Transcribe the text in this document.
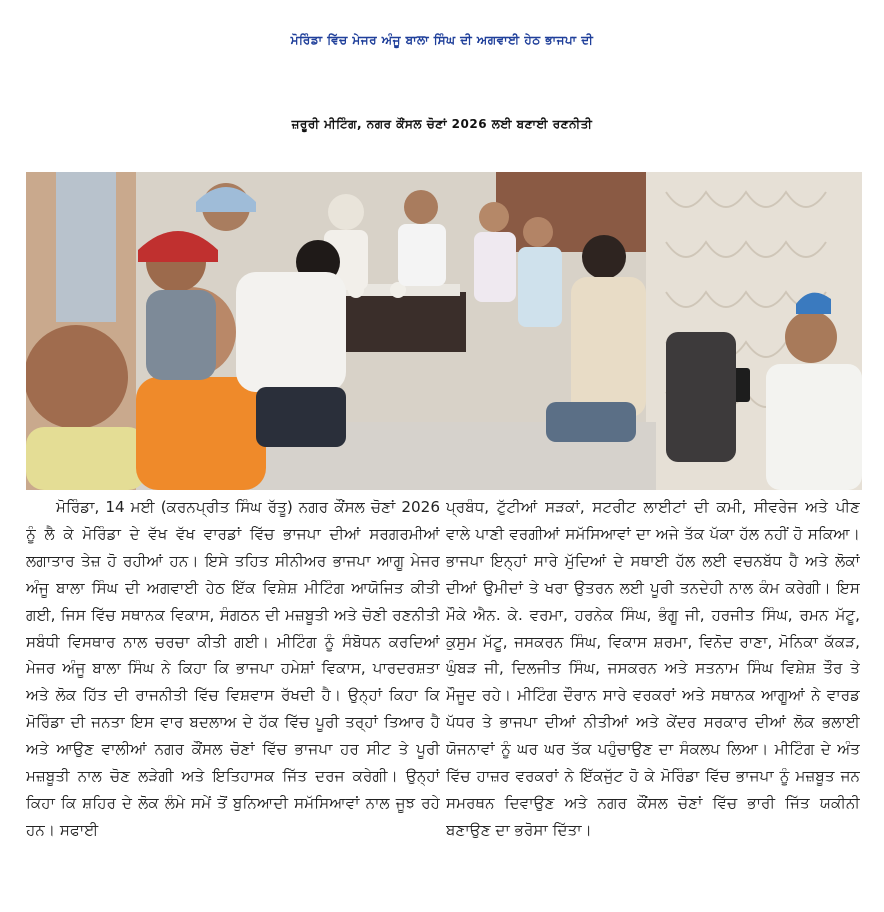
ਮੋਰਿੰਡਾ ਵਿੱਚ ਮੇਜਰ ਅੰਜੂ ਬਾਲਾ ਸਿੰਘ ਦੀ ਅਗਵਾਈ ਹੇਠ ਭਾਜਪਾ ਦੀ
ਜ਼ਰੂਰੀ ਮੀਟਿੰਗ, ਨਗਰ ਕੌਂਸਲ ਚੋਣਾਂ 2026 ਲਈ ਬਣਾਈ ਰਣਨੀਤੀ
ਮੋਰਿੰਡਾ, 14 ਮਈ (ਕਰਨਪ੍ਰੀਤ ਸਿੰਘ ਰੱਤੂ) ਨਗਰ ਕੌਂਸਲ ਚੋਣਾਂ 2026 ਨੂੰ ਲੈ ਕੇ ਮੋਰਿੰਡਾ ਦੇ ਵੱਖ ਵੱਖ ਵਾਰਡਾਂ ਵਿੱਚ ਭਾਜਪਾ ਦੀਆਂ ਸਰਗਰਮੀਆਂ ਲਗਾਤਾਰ ਤੇਜ਼ ਹੋ ਰਹੀਆਂ ਹਨ। ਇਸੇ ਤਹਿਤ ਸੀਨੀਅਰ ਭਾਜਪਾ ਆਗੂ ਮੇਜਰ ਅੰਜੂ ਬਾਲਾ ਸਿੰਘ ਦੀ ਅਗਵਾਈ ਹੇਠ ਇੱਕ ਵਿਸ਼ੇਸ਼ ਮੀਟਿੰਗ ਆਯੋਜਿਤ ਕੀਤੀ ਗਈ, ਜਿਸ ਵਿੱਚ ਸਥਾਨਕ ਵਿਕਾਸ, ਸੰਗਠਨ ਦੀ ਮਜ਼ਬੂਤੀ ਅਤੇ ਚੋਣੀ ਰਣਨੀਤੀ ਸਬੰਧੀ ਵਿਸਥਾਰ ਨਾਲ ਚਰਚਾ ਕੀਤੀ ਗਈ। ਮੀਟਿੰਗ ਨੂੰ ਸੰਬੋਧਨ ਕਰਦਿਆਂ ਮੇਜਰ ਅੰਜੂ ਬਾਲਾ ਸਿੰਘ ਨੇ ਕਿਹਾ ਕਿ ਭਾਜਪਾ ਹਮੇਸ਼ਾਂ ਵਿਕਾਸ, ਪਾਰਦਰਸ਼ਤਾ ਅਤੇ ਲੋਕ ਹਿੱਤ ਦੀ ਰਾਜਨੀਤੀ ਵਿੱਚ ਵਿਸ਼ਵਾਸ ਰੱਖਦੀ ਹੈ। ਉਨ੍ਹਾਂ ਕਿਹਾ ਕਿ ਮੋਰਿੰਡਾ ਦੀ ਜਨਤਾ ਇਸ ਵਾਰ ਬਦਲਾਅ ਦੇ ਹੱਕ ਵਿੱਚ ਪੂਰੀ ਤਰ੍ਹਾਂ ਤਿਆਰ ਹੈ ਅਤੇ ਆਉਣ ਵਾਲੀਆਂ ਨਗਰ ਕੌਂਸਲ ਚੋਣਾਂ ਵਿੱਚ ਭਾਜਪਾ ਹਰ ਸੀਟ ਤੇ ਪੂਰੀ ਮਜ਼ਬੂਤੀ ਨਾਲ ਚੋਣ ਲੜੇਗੀ ਅਤੇ ਇਤਿਹਾਸਕ ਜਿੱਤ ਦਰਜ ਕਰੇਗੀ। ਉਨ੍ਹਾਂ ਕਿਹਾ ਕਿ ਸ਼ਹਿਰ ਦੇ ਲੋਕ ਲੰਮੇ ਸਮੇਂ ਤੋਂ ਬੁਨਿਆਦੀ ਸਮੱਸਿਆਵਾਂ ਨਾਲ ਜੂਝ ਰਹੇ ਹਨ। ਸਫਾਈ
ਪ੍ਰਬੰਧ, ਟੁੱਟੀਆਂ ਸੜਕਾਂ, ਸਟਰੀਟ ਲਾਈਟਾਂ ਦੀ ਕਮੀ, ਸੀਵਰੇਜ ਅਤੇ ਪੀਣ ਵਾਲੇ ਪਾਣੀ ਵਰਗੀਆਂ ਸਮੱਸਿਆਵਾਂ ਦਾ ਅਜੇ ਤੱਕ ਪੱਕਾ ਹੱਲ ਨਹੀਂ ਹੋ ਸਕਿਆ। ਭਾਜਪਾ ਇਨ੍ਹਾਂ ਸਾਰੇ ਮੁੱਦਿਆਂ ਦੇ ਸਥਾਈ ਹੱਲ ਲਈ ਵਚਨਬੱਧ ਹੈ ਅਤੇ ਲੋਕਾਂ ਦੀਆਂ ਉਮੀਦਾਂ ਤੇ ਖਰਾ ਉਤਰਨ ਲਈ ਪੂਰੀ ਤਨਦੇਹੀ ਨਾਲ ਕੰਮ ਕਰੇਗੀ। ਇਸ ਮੌਕੇ ਐਨ. ਕੇ. ਵਰਮਾ, ਹਰਨੇਕ ਸਿੰਘ, ਭੰਗੂ ਜੀ, ਹਰਜੀਤ ਸਿੰਘ, ਰਮਨ ਮੱਟੂ, ਕੁਸੁਮ ਮੱਟੂ, ਜਸਕਰਨ ਸਿੰਘ, ਵਿਕਾਸ ਸ਼ਰਮਾ, ਵਿਨੋਦ ਰਾਣਾ, ਮੋਨਿਕਾ ਕੱਕੜ, ਘੁੰਬੜ ਜੀ, ਦਿਲਜੀਤ ਸਿੰਘ, ਜਸਕਰਨ ਅਤੇ ਸਤਨਾਮ ਸਿੰਘ ਵਿਸ਼ੇਸ਼ ਤੌਰ ਤੇ ਮੌਜੂਦ ਰਹੇ। ਮੀਟਿੰਗ ਦੌਰਾਨ ਸਾਰੇ ਵਰਕਰਾਂ ਅਤੇ ਸਥਾਨਕ ਆਗੂਆਂ ਨੇ ਵਾਰਡ ਪੱਧਰ ਤੇ ਭਾਜਪਾ ਦੀਆਂ ਨੀਤੀਆਂ ਅਤੇ ਕੇਂਦਰ ਸਰਕਾਰ ਦੀਆਂ ਲੋਕ ਭਲਾਈ ਯੋਜਨਾਵਾਂ ਨੂੰ ਘਰ ਘਰ ਤੱਕ ਪਹੁੰਚਾਉਣ ਦਾ ਸੰਕਲਪ ਲਿਆ। ਮੀਟਿੰਗ ਦੇ ਅੰਤ ਵਿੱਚ ਹਾਜ਼ਰ ਵਰਕਰਾਂ ਨੇ ਇੱਕਜੁੱਟ ਹੋ ਕੇ ਮੋਰਿੰਡਾ ਵਿੱਚ ਭਾਜਪਾ ਨੂੰ ਮਜ਼ਬੂਤ ਜਨ ਸਮਰਥਨ ਦਿਵਾਉਣ ਅਤੇ ਨਗਰ ਕੌਂਸਲ ਚੋਣਾਂ ਵਿੱਚ ਭਾਰੀ ਜਿੱਤ ਯਕੀਨੀ ਬਣਾਉਣ ਦਾ ਭਰੋਸਾ ਦਿੱਤਾ।
